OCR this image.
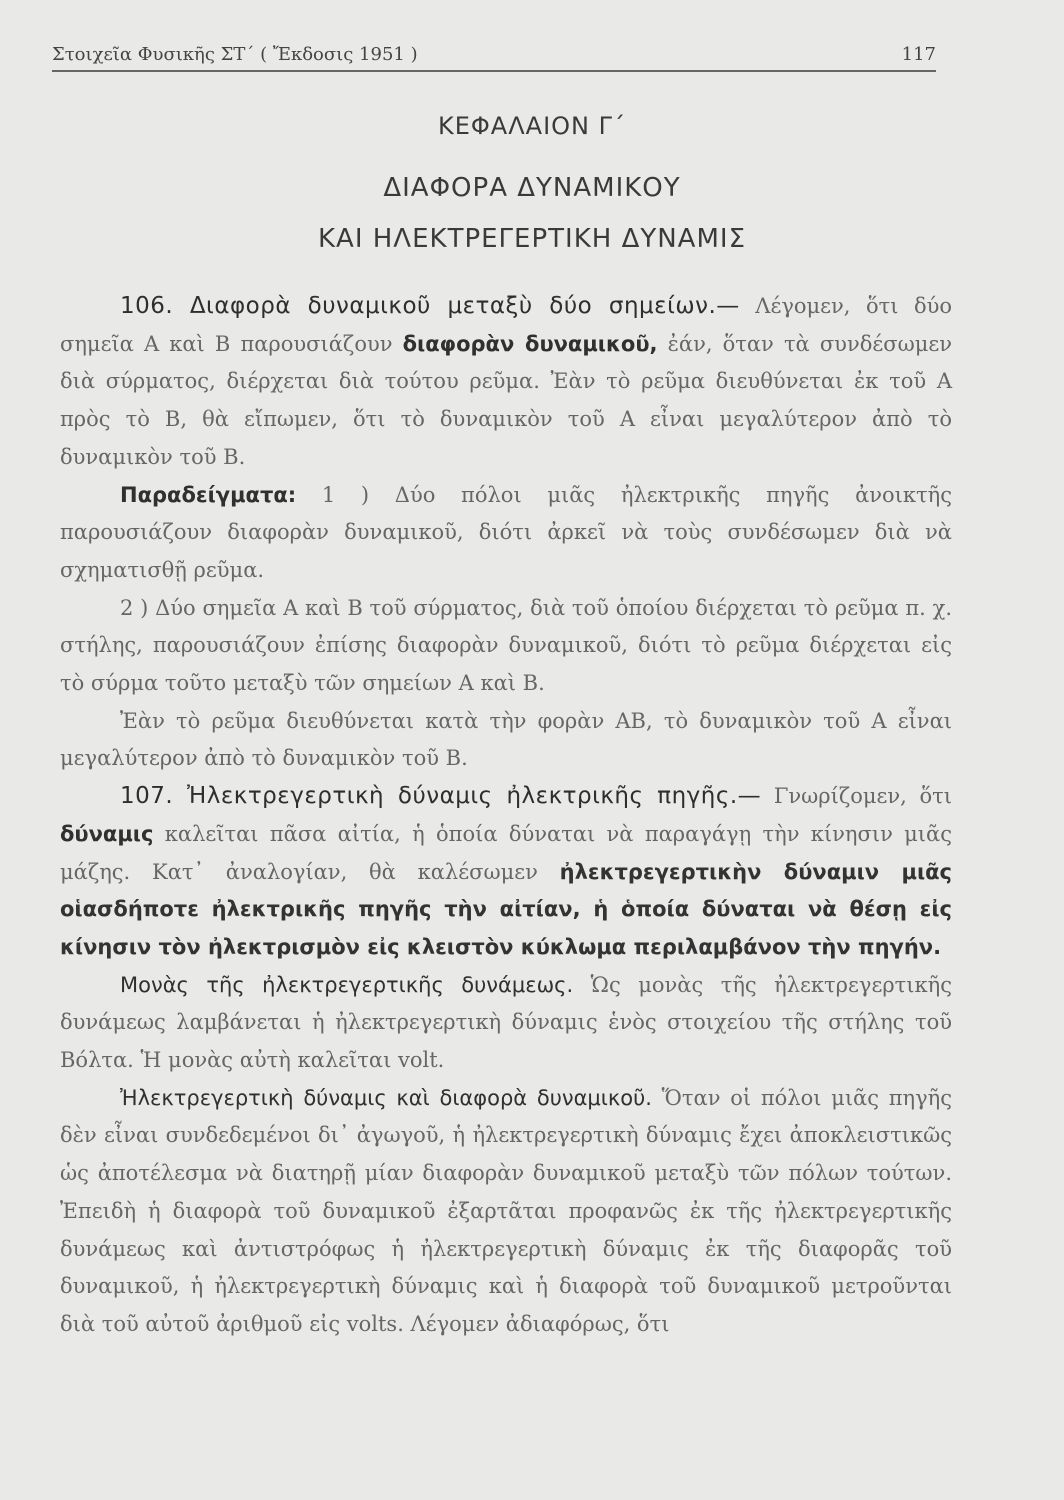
Στοιχεῖα Φυσικῆς ΣΤ΄ ( Ἔκδοσις 1951 )	117
ΚΕΦΑΛΑΙΟΝ Γ΄
ΔΙΑΦΟΡΑ ΔΥΝΑΜΙΚΟΥ
ΚΑΙ ΗΛΕΚΤΡΕΓΕΡΤΙΚΗ ΔΥΝΑΜΙΣ

106. Διαφορὰ δυναμικοῦ μεταξὺ δύο σημείων.— Λέγομεν, ὅτι δύο σημεῖα Α καὶ Β παρουσιάζουν διαφορὰν δυναμικοῦ, ἐάν, ὅταν τὰ συνδέσωμεν διὰ σύρματος, διέρχεται διὰ τούτου ρεῦμα. Ἐὰν τὸ ρεῦμα διευθύνεται ἐκ τοῦ Α πρὸς τὸ Β, θὰ εἴπωμεν, ὅτι τὸ δυναμικὸν τοῦ Α εἶναι μεγαλύτερον ἀπὸ τὸ δυναμικὸν τοῦ Β.

Παραδείγματα: 1 ) Δύο πόλοι μιᾶς ἠλεκτρικῆς πηγῆς ἀνοικτῆς παρουσιάζουν διαφορὰν δυναμικοῦ, διότι ἀρκεῖ νὰ τοὺς συνδέσωμεν διὰ νὰ σχηματισθῇ ρεῦμα.

2 ) Δύο σημεῖα Α καὶ Β τοῦ σύρματος, διὰ τοῦ ὁποίου διέρχεται τὸ ρεῦμα π. χ. στήλης, παρουσιάζουν ἐπίσης διαφορὰν δυναμικοῦ, διότι τὸ ρεῦμα διέρχεται εἰς τὸ σύρμα τοῦτο μεταξὺ τῶν σημείων Α καὶ Β.

Ἐὰν τὸ ρεῦμα διευθύνεται κατὰ τὴν φορὰν ΑΒ, τὸ δυναμικὸν τοῦ Α εἶναι μεγαλύτερον ἀπὸ τὸ δυναμικὸν τοῦ Β.

107. Ἠλεκτρεγερτικὴ δύναμις ἠλεκτρικῆς πηγῆς.— Γνωρίζομεν, ὅτι δύναμις καλεῖται πᾶσα αἰτία, ἡ ὁποία δύναται νὰ παραγάγῃ τὴν κίνησιν μιᾶς μάζης. Κατ᾽ ἀναλογίαν, θὰ καλέσωμεν ἠλεκτρεγερτικὴν δύναμιν μιᾶς οἱασδήποτε ἠλεκτρικῆς πηγῆς τὴν αἰτίαν, ἡ ὁποία δύναται νὰ θέσῃ εἰς κίνησιν τὸν ἠλεκτρισμὸν εἰς κλειστὸν κύκλωμα περιλαμβάνον τὴν πηγήν.

Μονὰς τῆς ἠλεκτρεγερτικῆς δυνάμεως. Ὡς μονὰς τῆς ἠλεκτρεγερτικῆς δυνάμεως λαμβάνεται ἡ ἠλεκτρεγερτικὴ δύναμις ἑνὸς στοιχείου τῆς στήλης τοῦ Βόλτα. Ἡ μονὰς αὐτὴ καλεῖται volt.

Ἠλεκτρεγερτικὴ δύναμις καὶ διαφορὰ δυναμικοῦ. Ὅταν οἱ πόλοι μιᾶς πηγῆς δὲν εἶναι συνδεδεμένοι δι᾽ ἀγωγοῦ, ἡ ἠλεκτρεγερτικὴ δύναμις ἔχει ἀποκλειστικῶς ὡς ἀποτέλεσμα νὰ διατηρῇ μίαν διαφορὰν δυναμικοῦ μεταξὺ τῶν πόλων τούτων. Ἐπειδὴ ἡ διαφορὰ τοῦ δυναμικοῦ ἐξαρτᾶται προφανῶς ἐκ τῆς ἠλεκτρεγερτικῆς δυνάμεως καὶ ἀντιστρόφως ἡ ἠλεκτρεγερτικὴ δύναμις ἐκ τῆς διαφορᾶς τοῦ δυναμικοῦ, ἡ ἠλεκτρεγερτικὴ δύναμις καὶ ἡ διαφορὰ τοῦ δυναμικοῦ μετροῦνται διὰ τοῦ αὐτοῦ ἀριθμοῦ εἰς volts. Λέγομεν ἀδιαφόρως, ὅτι
